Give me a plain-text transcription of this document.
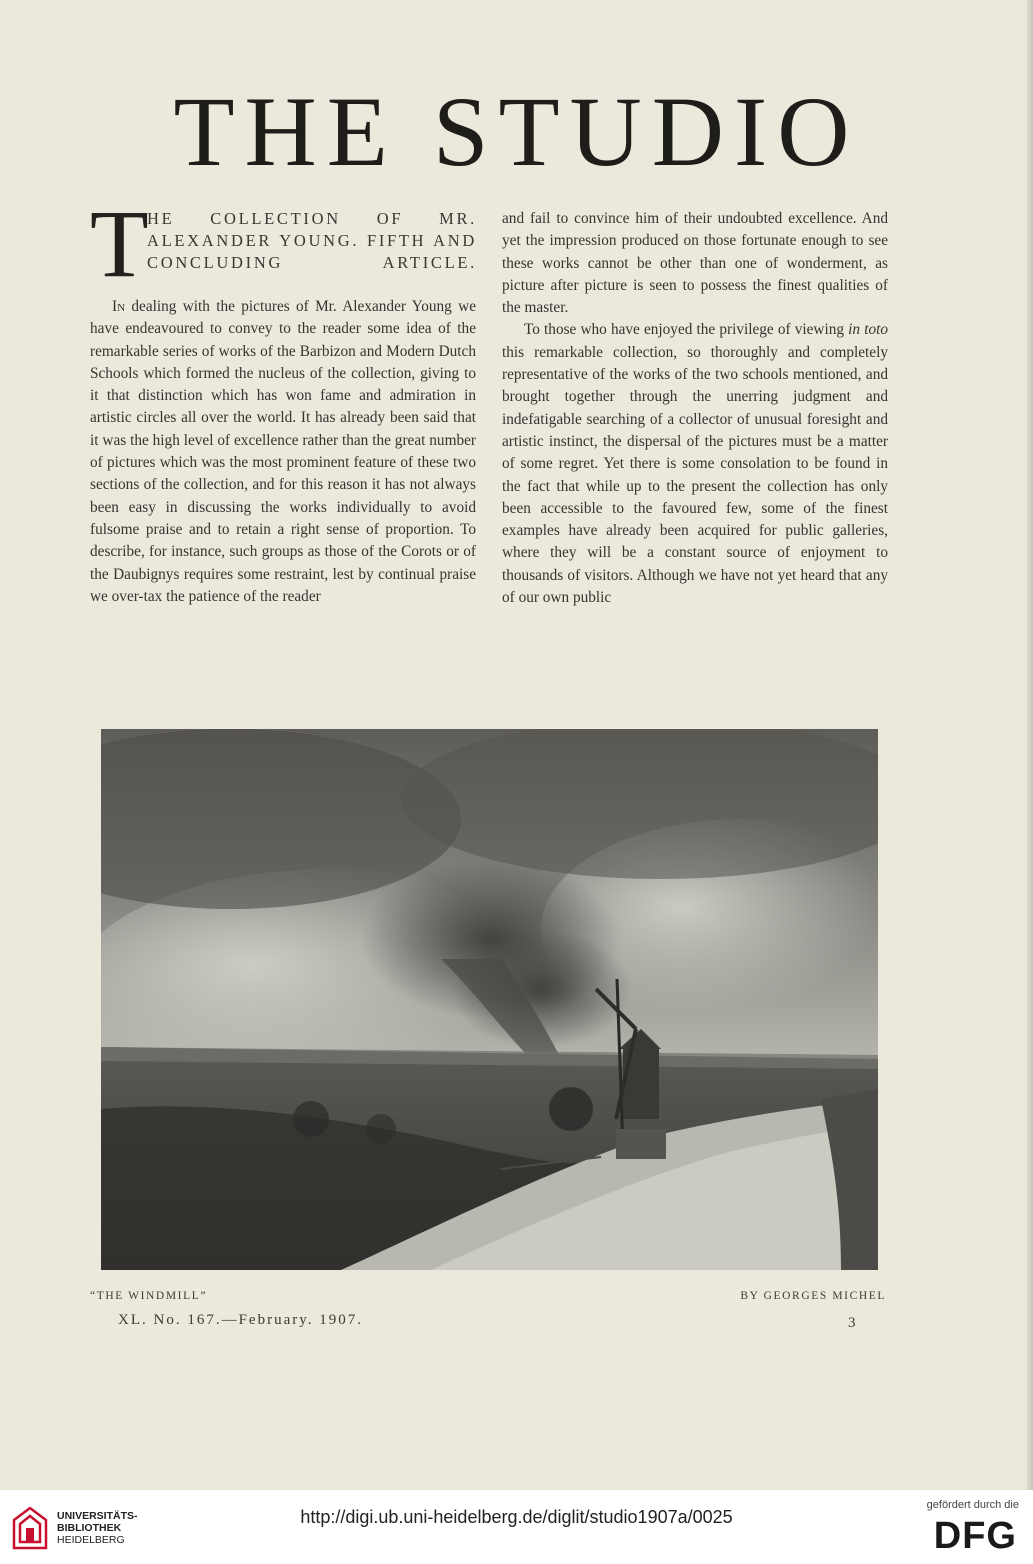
THE STUDIO
T
HE COLLECTION OF MR. ALEXANDER YOUNG. FIFTH AND CONCLUDING ARTICLE.

In dealing with the pictures of Mr. Alexander Young we have endeavoured to convey to the reader some idea of the remarkable series of works of the Barbizon and Modern Dutch Schools which formed the nucleus of the collection, giving to it that distinction which has won fame and admiration in artistic circles all over the world. It has already been said that it was the high level of excellence rather than the great number of pictures which was the most prominent feature of these two sections of the collection, and for this reason it has not always been easy in discussing the works individually to avoid fulsome praise and to retain a right sense of proportion. To describe, for instance, such groups as those of the Corots or of the Daubignys requires some restraint, lest by continual praise we over-tax the patience of the reader

and fail to convince him of their undoubted excellence. And yet the impression produced on those fortunate enough to see these works cannot be other than one of wonderment, as picture after picture is seen to possess the finest qualities of the master.

To those who have enjoyed the privilege of viewing in toto this remarkable collection, so thoroughly and completely representative of the works of the two schools mentioned, and brought together through the unerring judgment and indefatigable searching of a collector of unusual foresight and artistic instinct, the dispersal of the pictures must be a matter of some regret. Yet there is some consolation to be found in the fact that while up to the present the collection has only been accessible to the favoured few, some of the finest examples have already been acquired for public galleries, where they will be a constant source of enjoyment to thousands of visitors. Although we have not yet heard that any of our own public

“THE WINDMILL”	BY GEORGES MICHEL
XL. No. 167.—February. 1907.	3
UNIVERSITÄTS-
BIBLIOTHEK
HEIDELBERG
http://digi.ub.uni-heidelberg.de/diglit/studio1907a/0025
gefördert durch die
DFG
